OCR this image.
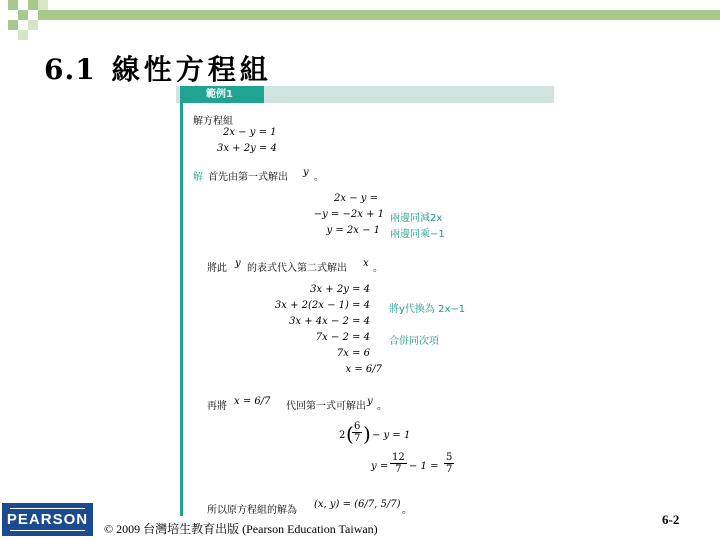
6.1 線性方程組
範例1
解方程組
2x − y = 1
3x + 2y = 4
解 首先由第一式解出 y 。
2x − y =
−y = −2x + 1
y = 2x − 1
兩邊同減2x
兩邊同乘−1
將此 y 的表式代入第二式解出 x 。
3x + 2y = 4
3x + 2(2x − 1) = 4
3x + 4x − 2 = 4
7x − 2 = 4
7x = 6
x = 6/7
將y代換為 2x−1
合併同次項
再將 x = 6/7 代回第一式可解出 y 。
2 (
$\frac{6}{7}$ ) − y = 1
$y = \frac{12}{7} - 1 = \frac{5}{7}$
所以原方程組的解為
(x, y) = (6/7, 5/7)
。
PEARSON
© 2009 台灣培生教育出版 (Pearson Education Taiwan)
6-2
